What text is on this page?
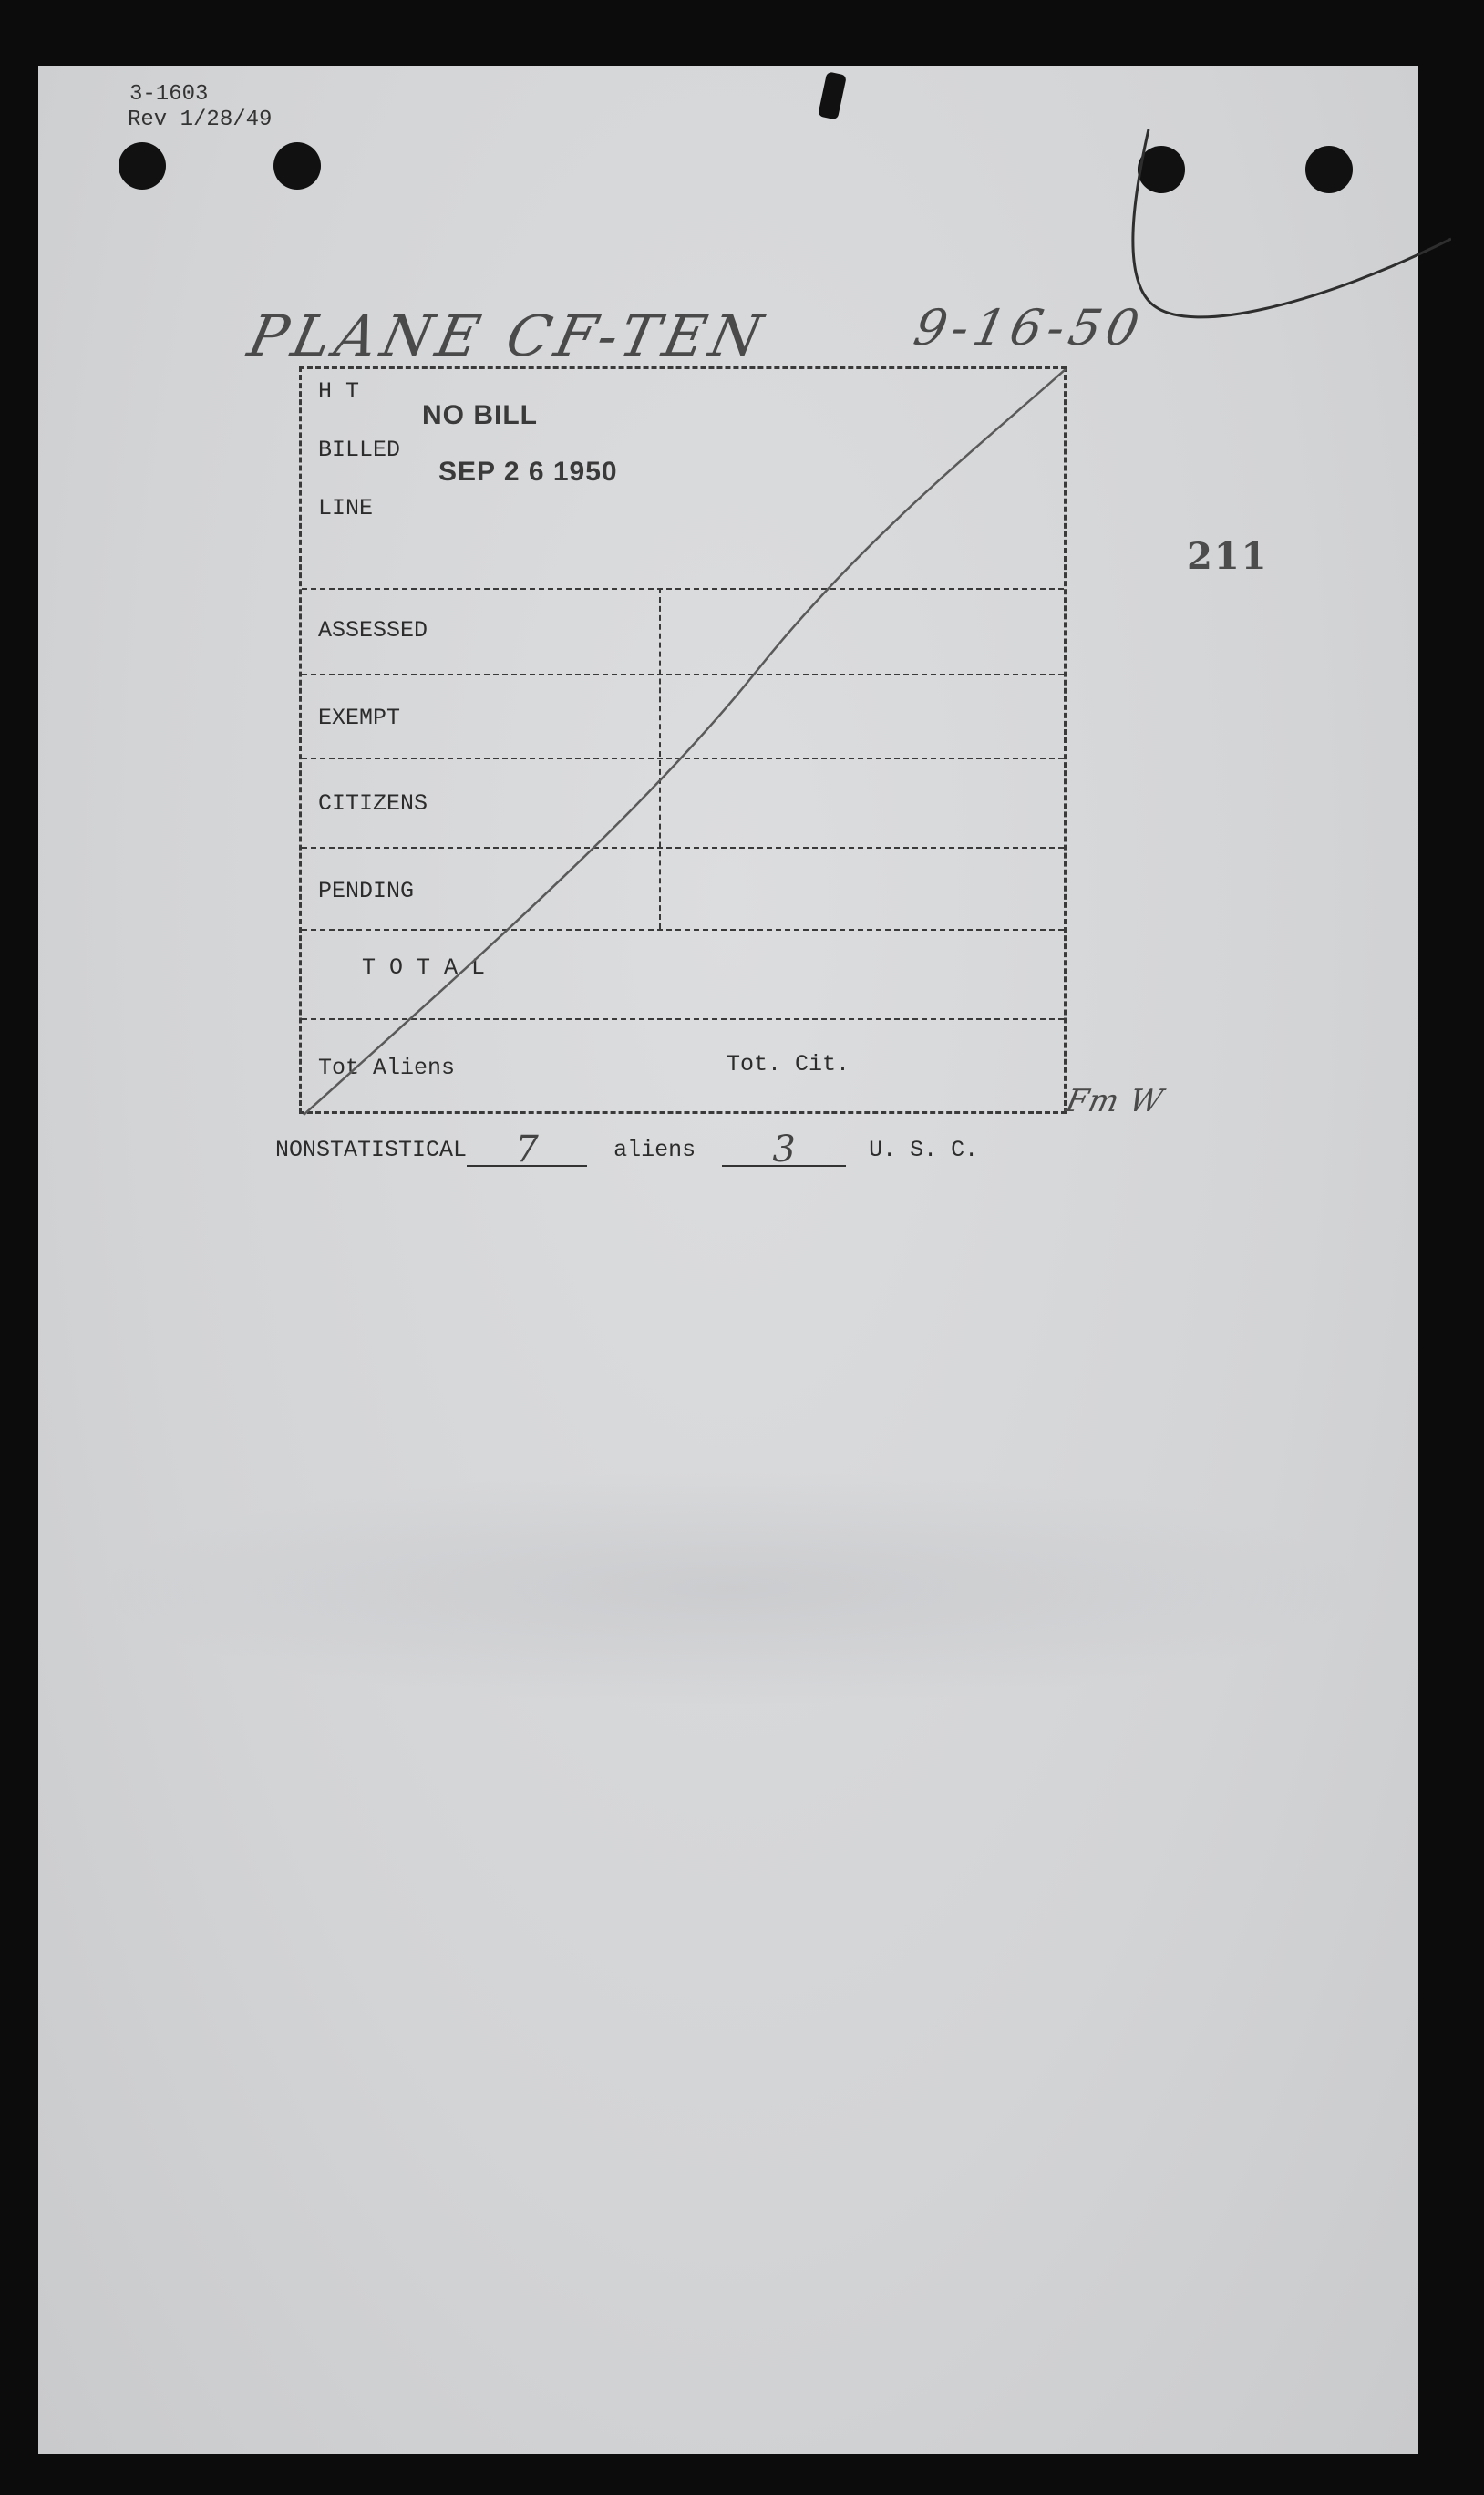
3-1603
Rev 1/28/49
PLANE CF-TEN	9-16-50
211
H T
BILLED
LINE
NO BILL
SEP 2 6 1950
ASSESSED
EXEMPT
CITIZENS
PENDING
T O T A L
Tot Aliens	Tot. Cit.
Fm W
NONSTATISTICAL 7	aliens 3	U. S. C.
